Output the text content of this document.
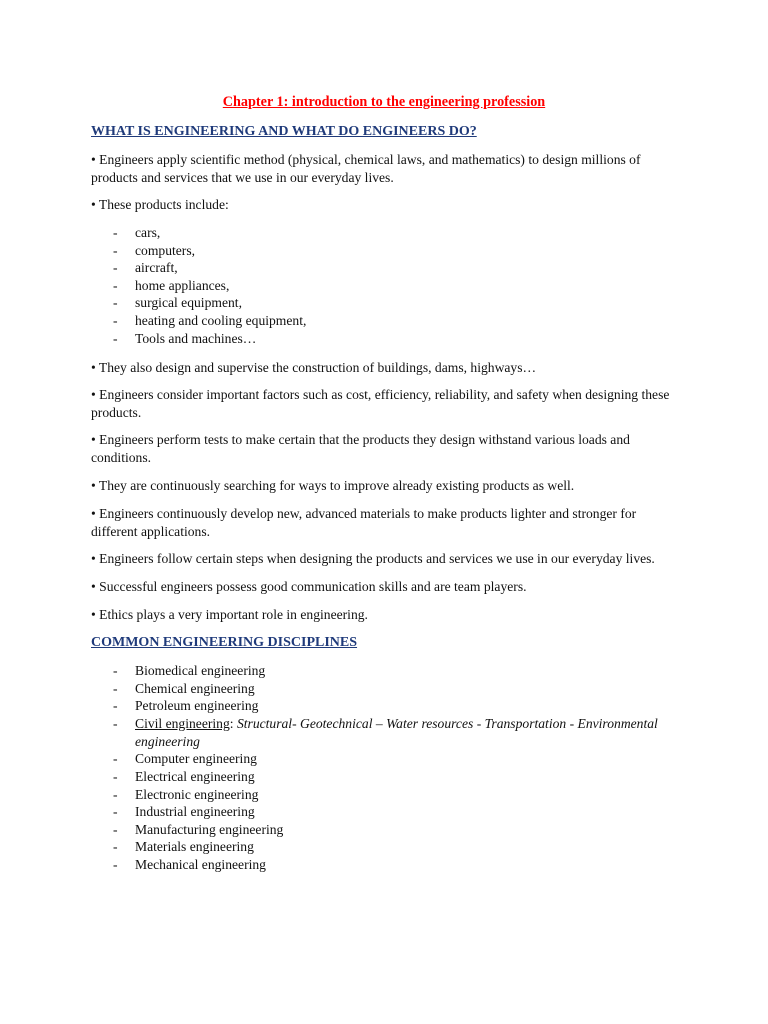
Chapter 1: introduction to the engineering profession
WHAT IS ENGINEERING AND WHAT DO ENGINEERS DO?
• Engineers apply scientific method (physical, chemical laws, and mathematics) to design millions of products and services that we use in our everyday lives.
• These products include:
- cars,
- computers,
- aircraft,
- home appliances,
- surgical equipment,
- heating and cooling equipment,
- Tools and machines…
• They also design and supervise the construction of buildings, dams, highways…
• Engineers consider important factors such as cost, efficiency, reliability, and safety when designing these products.
• Engineers perform tests to make certain that the products they design withstand various loads and conditions.
• They are continuously searching for ways to improve already existing products as well.
• Engineers continuously develop new, advanced materials to make products lighter and stronger for different applications.
• Engineers follow certain steps when designing the products and services we use in our everyday lives.
• Successful engineers possess good communication skills and are team players.
• Ethics plays a very important role in engineering.
COMMON ENGINEERING DISCIPLINES
- Biomedical engineering
- Chemical engineering
- Petroleum engineering
- Civil engineering: Structural- Geotechnical – Water resources - Transportation - Environmental engineering
- Computer engineering
- Electrical engineering
- Electronic engineering
- Industrial engineering
- Manufacturing engineering
- Materials engineering
- Mechanical engineering
